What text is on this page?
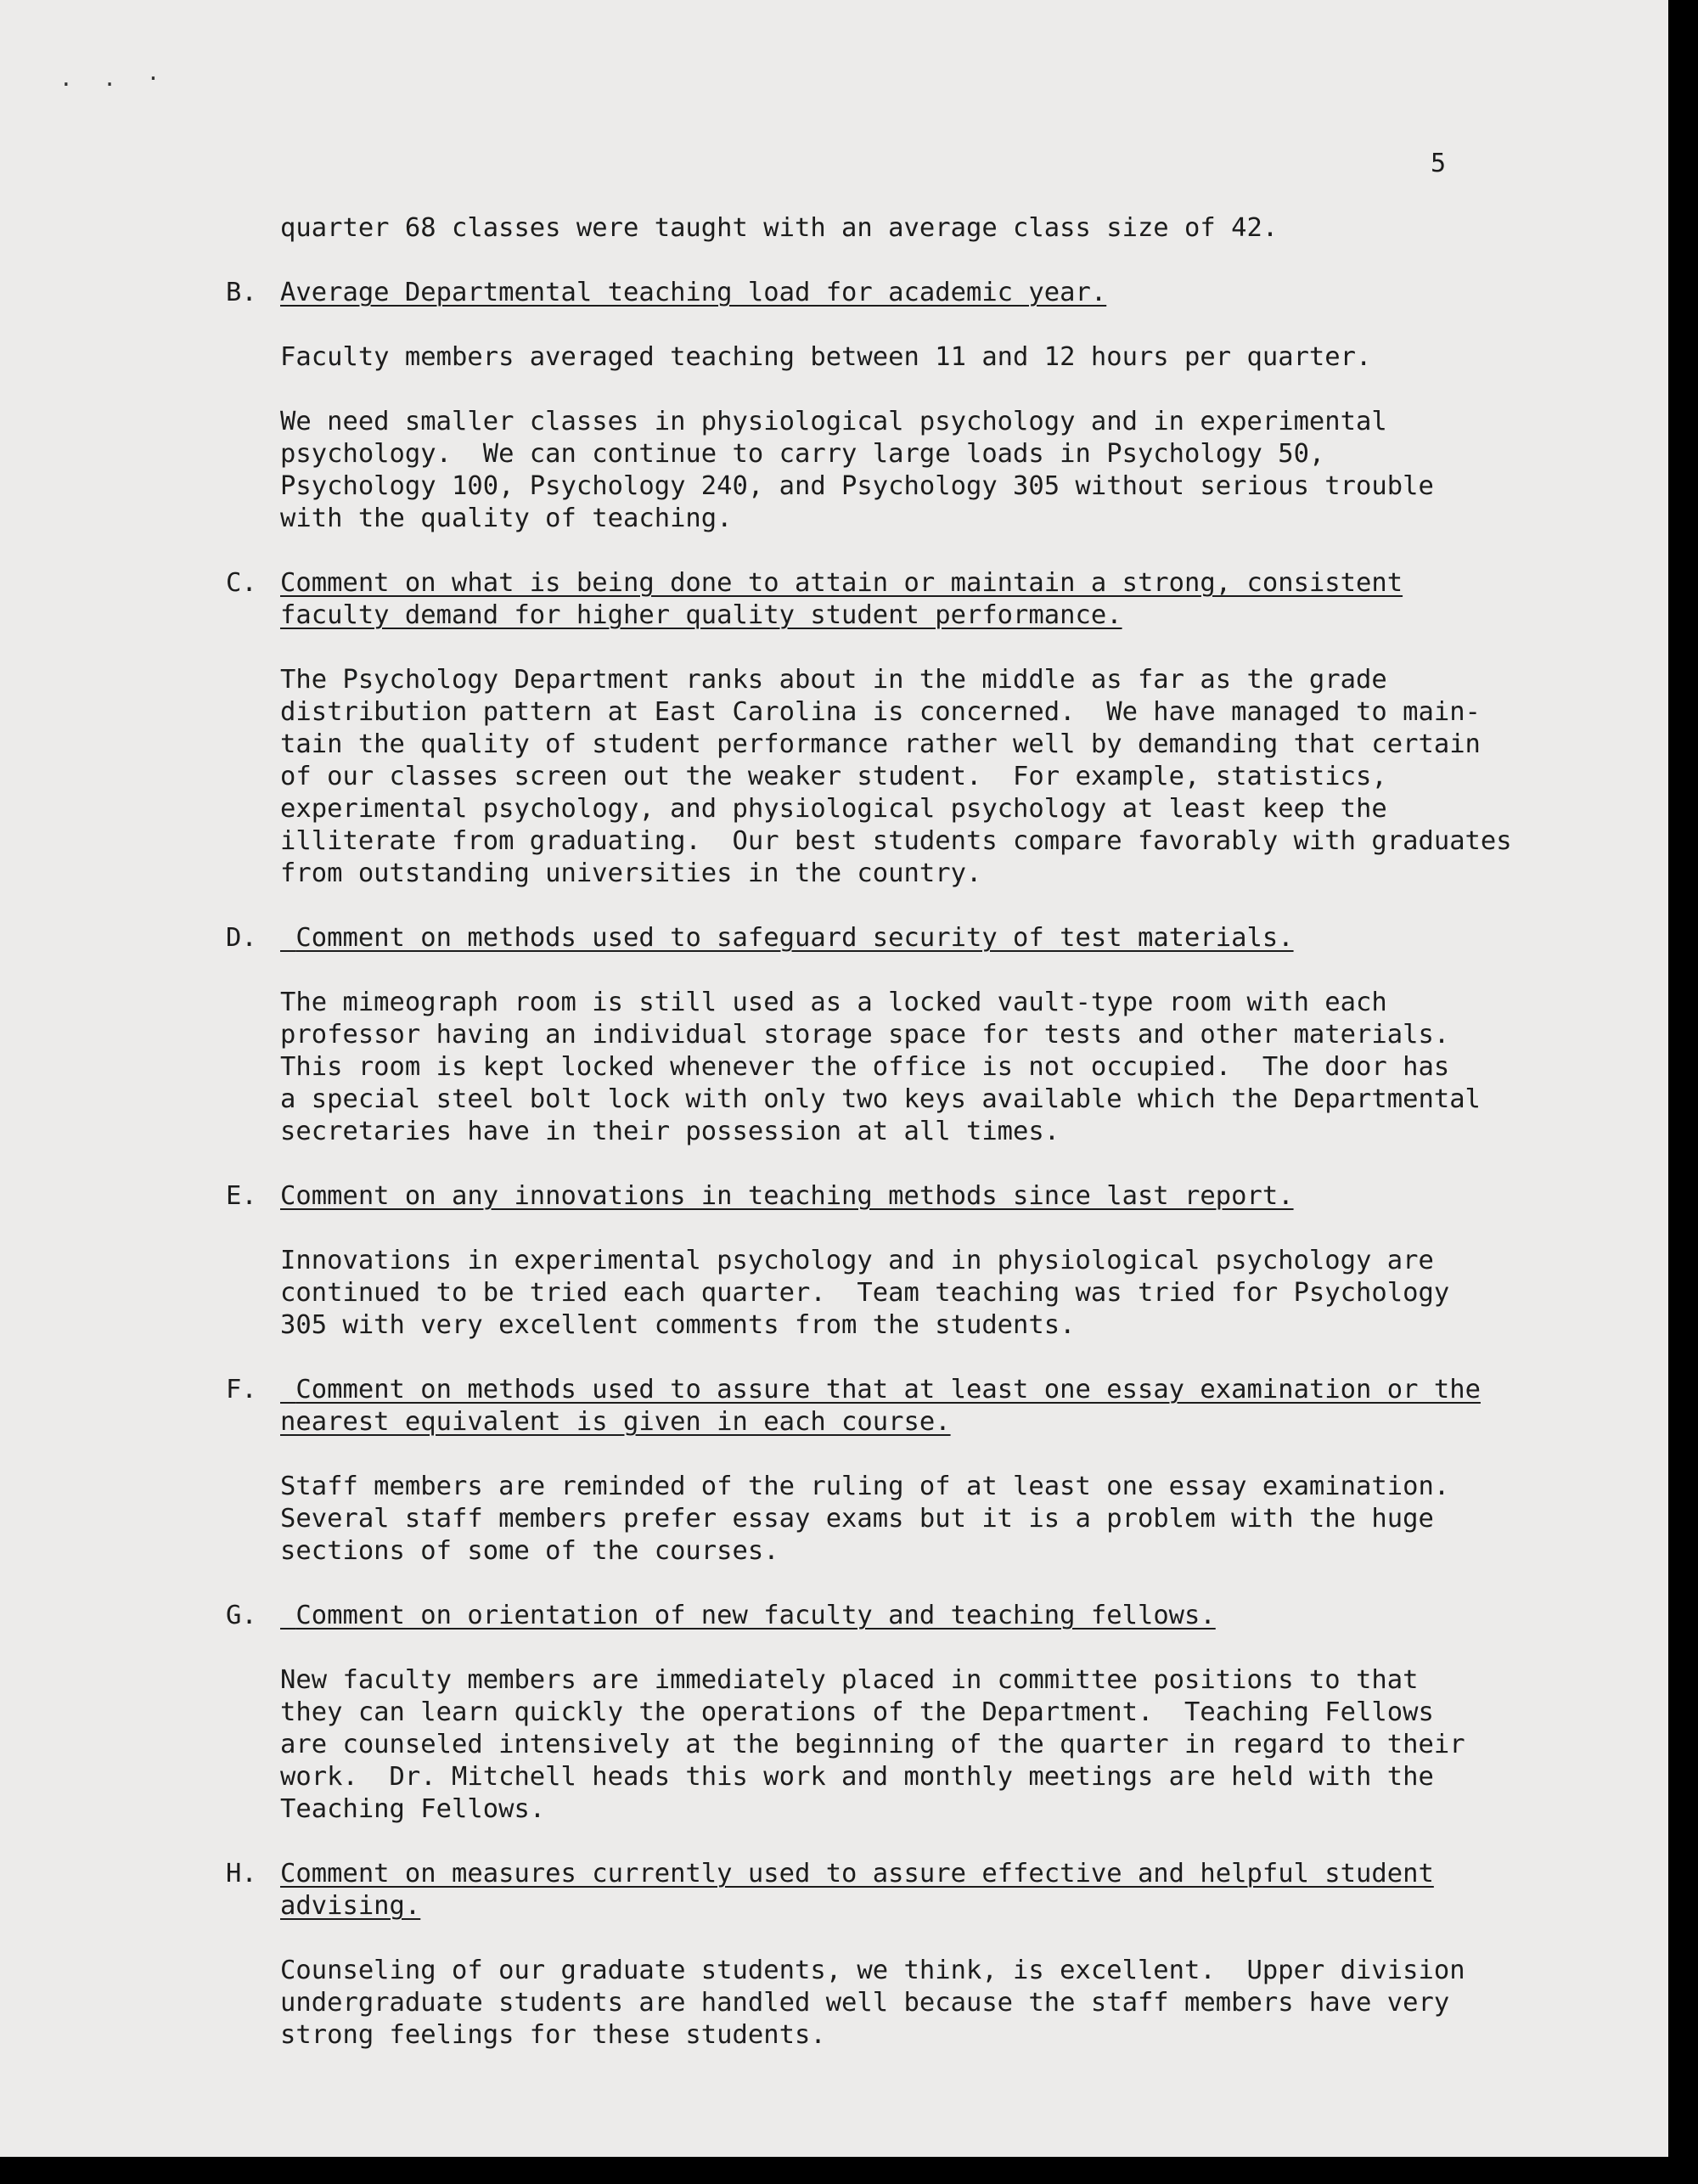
. . ·
5
quarter 68 classes were taught with an average class size of 42.
B. Average Departmental teaching load for academic year.
Faculty members averaged teaching between 11 and 12 hours per quarter.
We need smaller classes in physiological psychology and in experimental
psychology.  We can continue to carry large loads in Psychology 50,
Psychology 100, Psychology 240, and Psychology 305 without serious trouble
with the quality of teaching.
C. Comment on what is being done to attain or maintain a strong, consistent
faculty demand for higher quality student performance.
The Psychology Department ranks about in the middle as far as the grade
distribution pattern at East Carolina is concerned.  We have managed to main-
tain the quality of student performance rather well by demanding that certain
of our classes screen out the weaker student.  For example, statistics,
experimental psychology, and physiological psychology at least keep the
illiterate from graduating.  Our best students compare favorably with graduates
from outstanding universities in the country.
D. Comment on methods used to safeguard security of test materials.
The mimeograph room is still used as a locked vault-type room with each
professor having an individual storage space for tests and other materials.
This room is kept locked whenever the office is not occupied.  The door has
a special steel bolt lock with only two keys available which the Departmental
secretaries have in their possession at all times.
E. Comment on any innovations in teaching methods since last report.
Innovations in experimental psychology and in physiological psychology are
continued to be tried each quarter.  Team teaching was tried for Psychology
305 with very excellent comments from the students.
F.	Comment on methods used to assure that at least one essay examination or the
nearest equivalent is given in each course.
Staff members are reminded of the ruling of at least one essay examination.
Several staff members prefer essay exams but it is a problem with the huge
sections of some of the courses.
G. Comment on orientation of new faculty and teaching fellows.
New faculty members are immediately placed in committee positions to that
they can learn quickly the operations of the Department.  Teaching Fellows
are counseled intensively at the beginning of the quarter in regard to their
work.  Dr. Mitchell heads this work and monthly meetings are held with the
Teaching Fellows.
H. Comment on measures currently used to assure effective and helpful student
advising.
Counseling of our graduate students, we think, is excellent.  Upper division
undergraduate students are handled well because the staff members have very
strong feelings for these students.
